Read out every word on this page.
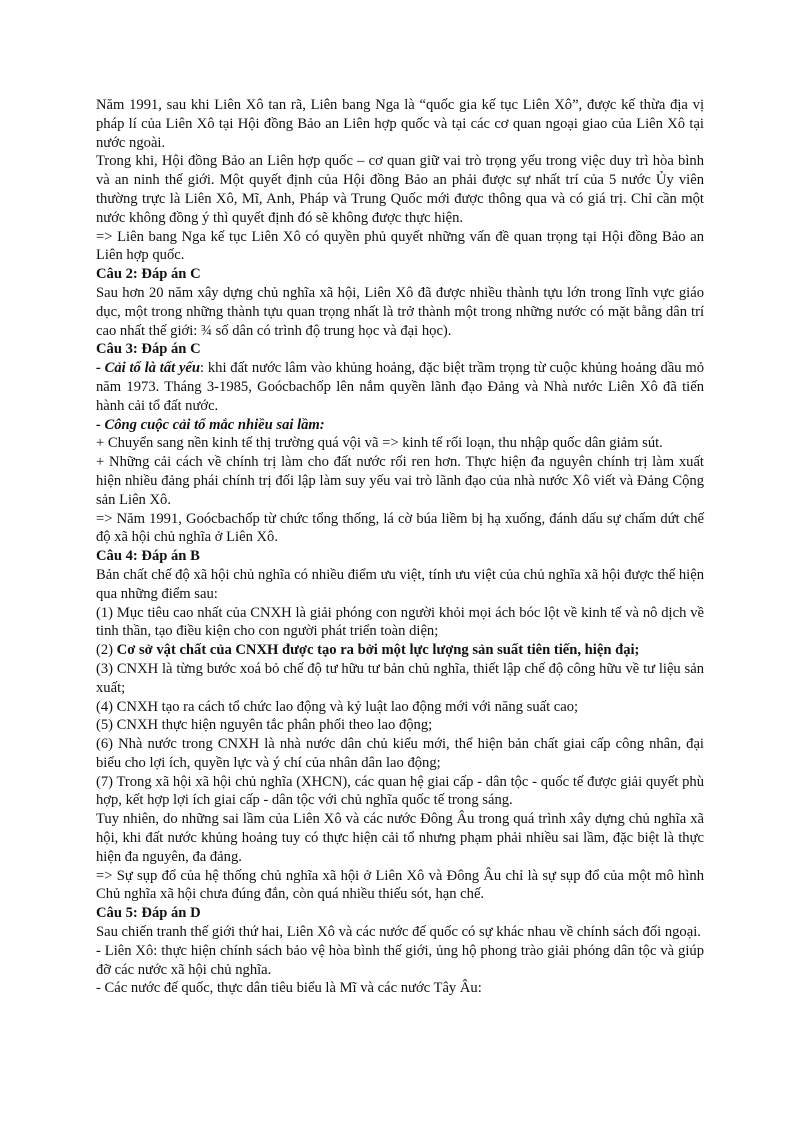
Năm 1991, sau khi Liên Xô tan rã, Liên bang Nga là “quốc gia kế tục Liên Xô”, được kế thừa địa vị pháp lí của Liên Xô tại Hội đồng Bảo an Liên hợp quốc và tại các cơ quan ngoại giao của Liên Xô tại nước ngoài.

Trong khi, Hội đồng Bảo an Liên hợp quốc – cơ quan giữ vai trò trọng yếu trong việc duy trì hòa bình và an ninh thế giới. Một quyết định của Hội đồng Bảo an phải được sự nhất trí của 5 nước Ủy viên thường trực là Liên Xô, Mĩ, Anh, Pháp và Trung Quốc mới được thông qua và có giá trị. Chỉ cần một nước không đồng ý thì quyết định đó sẽ không được thực hiện.

=> Liên bang Nga kế tục Liên Xô có quyền phủ quyết những vấn đề quan trọng tại Hội đồng Bảo an Liên hợp quốc.

Câu 2: Đáp án C

Sau hơn 20 năm xây dựng chủ nghĩa xã hội, Liên Xô đã được nhiều thành tựu lớn trong lĩnh vực giáo dục, một trong những thành tựu quan trọng nhất là trở thành một trong những nước có mặt bằng dân trí cao nhất thế giới: ¾ số dân có trình độ trung học và đại học).

Câu 3: Đáp án C

- Cải tổ là tất yếu: khi đất nước lâm vào khủng hoảng, đặc biệt trầm trọng từ cuộc khủng hoảng dầu mỏ năm 1973. Tháng 3-1985, Goócbachốp lên nắm quyền lãnh đạo Đảng và Nhà nước Liên Xô đã tiến hành cải tổ đất nước.

- Công cuộc cải tổ mắc nhiều sai lầm:

+ Chuyển sang nền kinh tế thị trường quá vội vã => kinh tế rối loạn, thu nhập quốc dân giảm sút.

+ Những cải cách về chính trị làm cho đất nước rối ren hơn. Thực hiện đa nguyên chính trị làm xuất hiện nhiều đảng phái chính trị đối lập làm suy yếu vai trò lãnh đạo của nhà nước Xô viết và Đảng Cộng sản Liên Xô.

=> Năm 1991, Goócbachốp từ chức tổng thống, lá cờ búa liềm bị hạ xuống, đánh dấu sự chấm dứt chế độ xã hội chủ nghĩa ở Liên Xô.

Câu 4: Đáp án B

Bản chất chế độ xã hội chủ nghĩa có nhiều điểm ưu việt, tính ưu việt của chủ nghĩa xã hội được thể hiện qua những điểm sau:

(1) Mục tiêu cao nhất của CNXH là giải phóng con người khỏi mọi ách bóc lột về kinh tế và nô dịch về tinh thần, tạo điều kiện cho con người phát triển toàn diện;

(2) Cơ sở vật chất của CNXH được tạo ra bởi một lực lượng sản suất tiên tiến, hiện đại;

(3) CNXH là từng bước xoá bỏ chế độ tư hữu tư bản chủ nghĩa, thiết lập chế độ công hữu về tư liệu sản xuất;

(4) CNXH tạo ra cách tổ chức lao động và kỷ luật lao động mới với năng suất cao;

(5) CNXH thực hiện nguyên tắc phân phối theo lao động;

(6) Nhà nước trong CNXH là nhà nước dân chủ kiểu mới, thể hiện bản chất giai cấp công nhân, đại biểu cho lợi ích, quyền lực và ý chí của nhân dân lao động;

(7) Trong xã hội xã hội chủ nghĩa (XHCN), các quan hệ giai cấp - dân tộc - quốc tế được giải quyết phù hợp, kết hợp lợi ích giai cấp - dân tộc với chủ nghĩa quốc tế trong sáng.

Tuy nhiên, do những sai lầm của Liên Xô và các nước Đông Âu trong quá trình xây dựng chủ nghĩa xã hội, khi đất nước khủng hoảng tuy có thực hiện cải tổ nhưng phạm phải nhiều sai lầm, đặc biệt là thực hiện đa nguyên, đa đảng.

=> Sự sụp đổ của hệ thống chủ nghĩa xã hội ở Liên Xô và Đông Âu chỉ là sự sụp đổ của một mô hình Chủ nghĩa xã hội chưa đúng đắn, còn quá nhiều thiếu sót, hạn chế.

Câu 5: Đáp án D

Sau chiến tranh thế giới thứ hai, Liên Xô và các nước đế quốc có sự khác nhau về chính sách đối ngoại.

- Liên Xô: thực hiện chính sách bảo vệ hòa bình thế giới, ủng hộ phong trào giải phóng dân tộc và giúp đỡ các nước xã hội chủ nghĩa.

- Các nước đế quốc, thực dân tiêu biểu là Mĩ và các nước Tây Âu:
